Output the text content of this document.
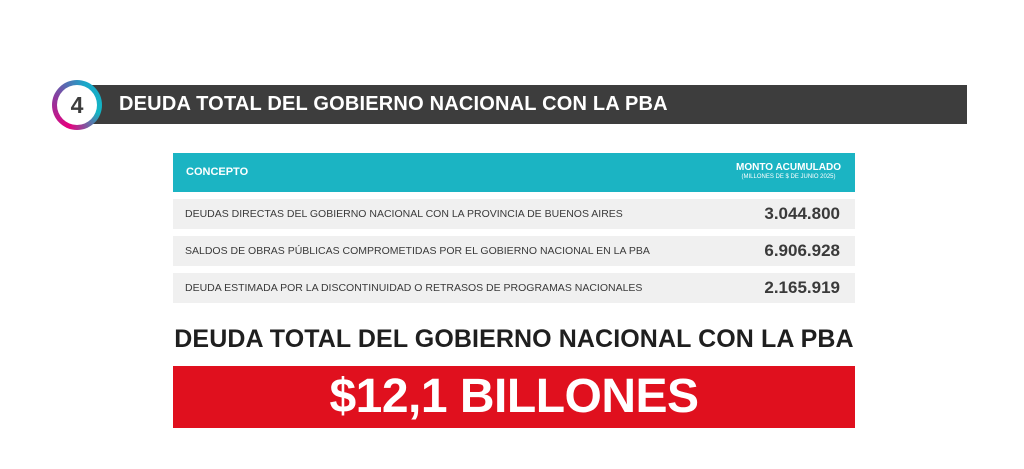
4	DEUDA TOTAL DEL GOBIERNO NACIONAL CON LA PBA
CONCEPTO	MONTO ACUMULADO
(MILLONES DE $ DE JUNIO 2025)
DEUDAS DIRECTAS DEL GOBIERNO NACIONAL CON LA PROVINCIA DE BUENOS AIRES	3.044.800
SALDOS DE OBRAS PÚBLICAS COMPROMETIDAS POR EL GOBIERNO NACIONAL EN LA PBA	6.906.928
DEUDA ESTIMADA POR LA DISCONTINUIDAD O RETRASOS DE PROGRAMAS NACIONALES	2.165.919
DEUDA TOTAL DEL GOBIERNO NACIONAL CON LA PBA
$12,1 BILLONES
